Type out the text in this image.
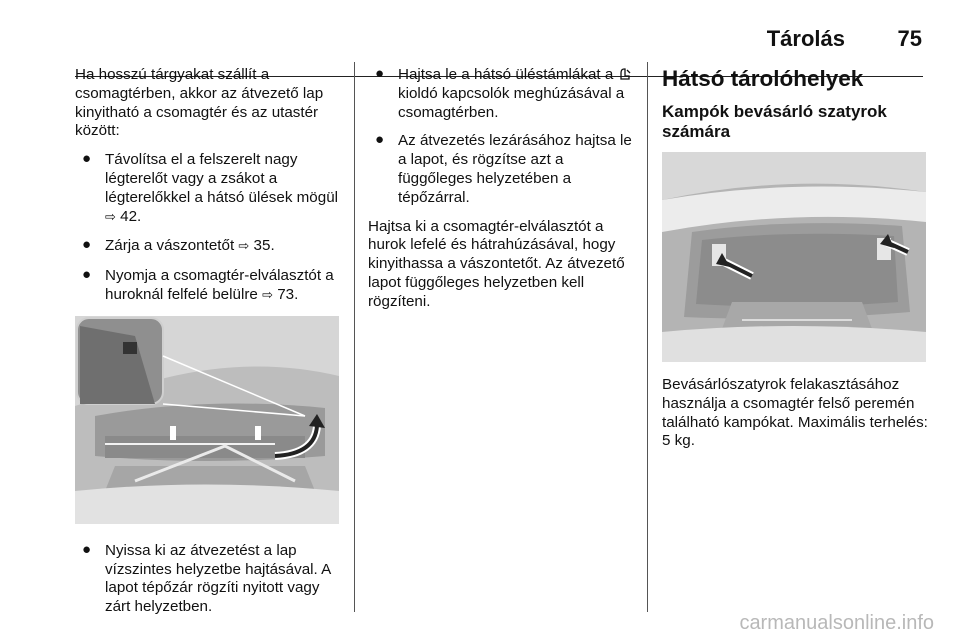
Tárolás 75

Ha hosszú tárgyakat szállít a csomagtérben, akkor az átvezető lap kinyitható a csomagtér és az utastér között:

● Távolítsa el a felszerelt nagy légterelőt vagy a zsákot a légterelőkkel a hátsó ülések mögül ⇨ 42.
● Zárja a vászontetőt ⇨ 35.
● Nyomja a csomagtér-elválasztót a huroknál felfelé belülre ⇨ 73.
● Nyissa ki az átvezetést a lap vízszintes helyzetbe hajtásával. A lapot tépőzár rögzíti nyitott vagy zárt helyzetben.
● Hajtsa le a hátsó üléstámlákat a  kioldó kapcsolók meghúzásával a csomagtérben.
● Az átvezetés lezárásához hajtsa le a lapot, és rögzítse azt a függőleges helyzetében a tépőzárral.

Hajtsa ki a csomagtér-elválasztót a hurok lefelé és hátrahúzásával, hogy kinyithassa a vászontetőt. Az átvezető lapot függőleges helyzetben kell rögzíteni.

Hátsó tárolóhelyek
Kampók bevásárló szatyrok számára

Bevásárlószatyrok felakasztásához használja a csomagtér felső peremén található kampókat. Maximális terhelés: 5 kg.

carmanualsonline.info
